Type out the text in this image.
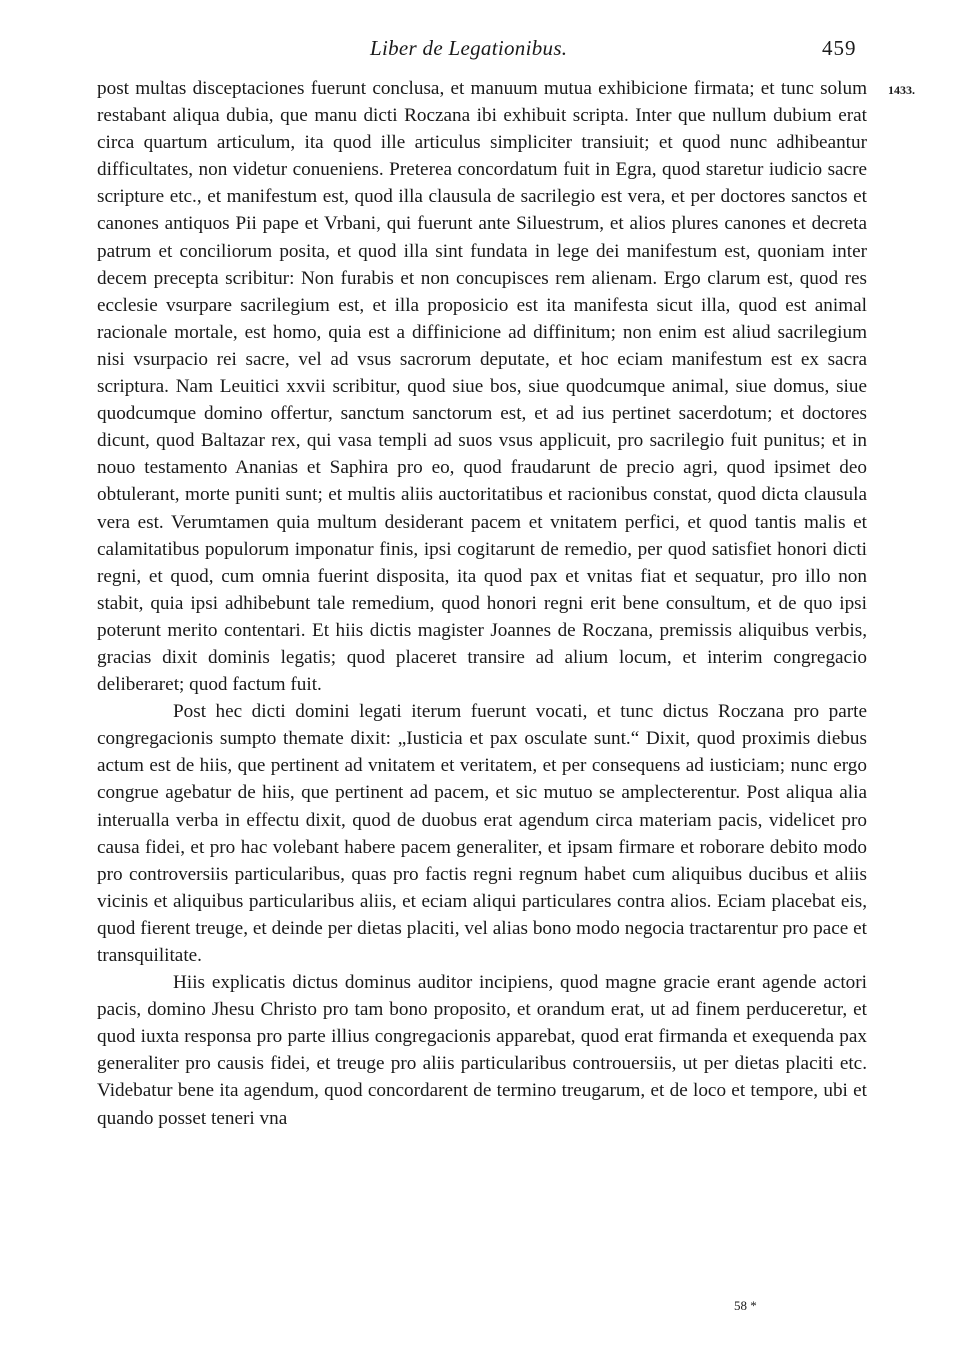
Liber de Legationibus.	459
1433.

post multas disceptaciones fuerunt conclusa, et manuum mutua exhibicione firmata; et tunc solum restabant aliqua dubia, que manu dicti Roczana ibi exhibuit scripta. Inter que nullum dubium erat circa quartum articulum, ita quod ille articulus simpliciter transiuit; et quod nunc adhibeantur difficultates, non videtur conueniens. Preterea concordatum fuit in Egra, quod staretur iudicio sacre scripture etc., et manifestum est, quod illa clausula de sacrilegio est vera, et per doctores sanctos et canones antiquos Pii pape et Vrbani, qui fuerunt ante Siluestrum, et alios plures canones et decreta patrum et conciliorum posita, et quod illa sint fundata in lege dei manifestum est, quoniam inter decem precepta scribitur: Non furabis et non concupisces rem alienam. Ergo clarum est, quod res ecclesie vsurpare sacrilegium est, et illa proposicio est ita manifesta sicut illa, quod est animal racionale mortale, est homo, quia est a diffinicione ad diffinitum; non enim est aliud sacrilegium nisi vsurpacio rei sacre, vel ad vsus sacrorum deputate, et hoc eciam manifestum est ex sacra scriptura. Nam Leuitici xxvii scribitur, quod siue bos, siue quodcumque animal, siue domus, siue quodcumque domino offertur, sanctum sanctorum est, et ad ius pertinet sacerdotum; et doctores dicunt, quod Baltazar rex, qui vasa templi ad suos vsus applicuit, pro sacrilegio fuit punitus; et in nouo testamento Ananias et Saphira pro eo, quod fraudarunt de precio agri, quod ipsimet deo obtulerant, morte puniti sunt; et multis aliis auctoritatibus et racionibus constat, quod dicta clausula vera est. Verumtamen quia multum desiderant pacem et vnitatem perfici, et quod tantis malis et calamitatibus populorum imponatur finis, ipsi cogitarunt de remedio, per quod satisfiet honori dicti regni, et quod, cum omnia fuerint disposita, ita quod pax et vnitas fiat et sequatur, pro illo non stabit, quia ipsi adhibebunt tale remedium, quod honori regni erit bene consultum, et de quo ipsi poterunt merito contentari. Et hiis dictis magister Joannes de Roczana, premissis aliquibus verbis, gracias dixit dominis legatis; quod placeret transire ad alium locum, et interim congregacio deliberaret; quod factum fuit.

Post hec dicti domini legati iterum fuerunt vocati, et tunc dictus Roczana pro parte congregacionis sumpto themate dixit: „Iusticia et pax osculate sunt.“ Dixit, quod proximis diebus actum est de hiis, que pertinent ad vnitatem et veritatem, et per consequens ad iusticiam; nunc ergo congrue agebatur de hiis, que pertinent ad pacem, et sic mutuo se amplecterentur. Post aliqua alia interualla verba in effectu dixit, quod de duobus erat agendum circa materiam pacis, videlicet pro causa fidei, et pro hac volebant habere pacem generaliter, et ipsam firmare et roborare debito modo pro controversiis particularibus, quas pro factis regni regnum habet cum aliquibus ducibus et aliis vicinis et aliquibus particularibus aliis, et eciam aliqui particulares contra alios. Eciam placebat eis, quod fierent treuge, et deinde per dietas placiti, vel alias bono modo negocia tractarentur pro pace et transquilitate.

Hiis explicatis dictus dominus auditor incipiens, quod magne gracie erant agende actori pacis, domino Jhesu Christo pro tam bono proposito, et orandum erat, ut ad finem perduceretur, et quod iuxta responsa pro parte illius congregacionis apparebat, quod erat firmanda et exequenda pax generaliter pro causis fidei, et treuge pro aliis particularibus controuersiis, ut per dietas placiti etc. Videbatur bene ita agendum, quod concordarent de termino treugarum, et de loco et tempore, ubi et quando posset teneri vna

58 *
